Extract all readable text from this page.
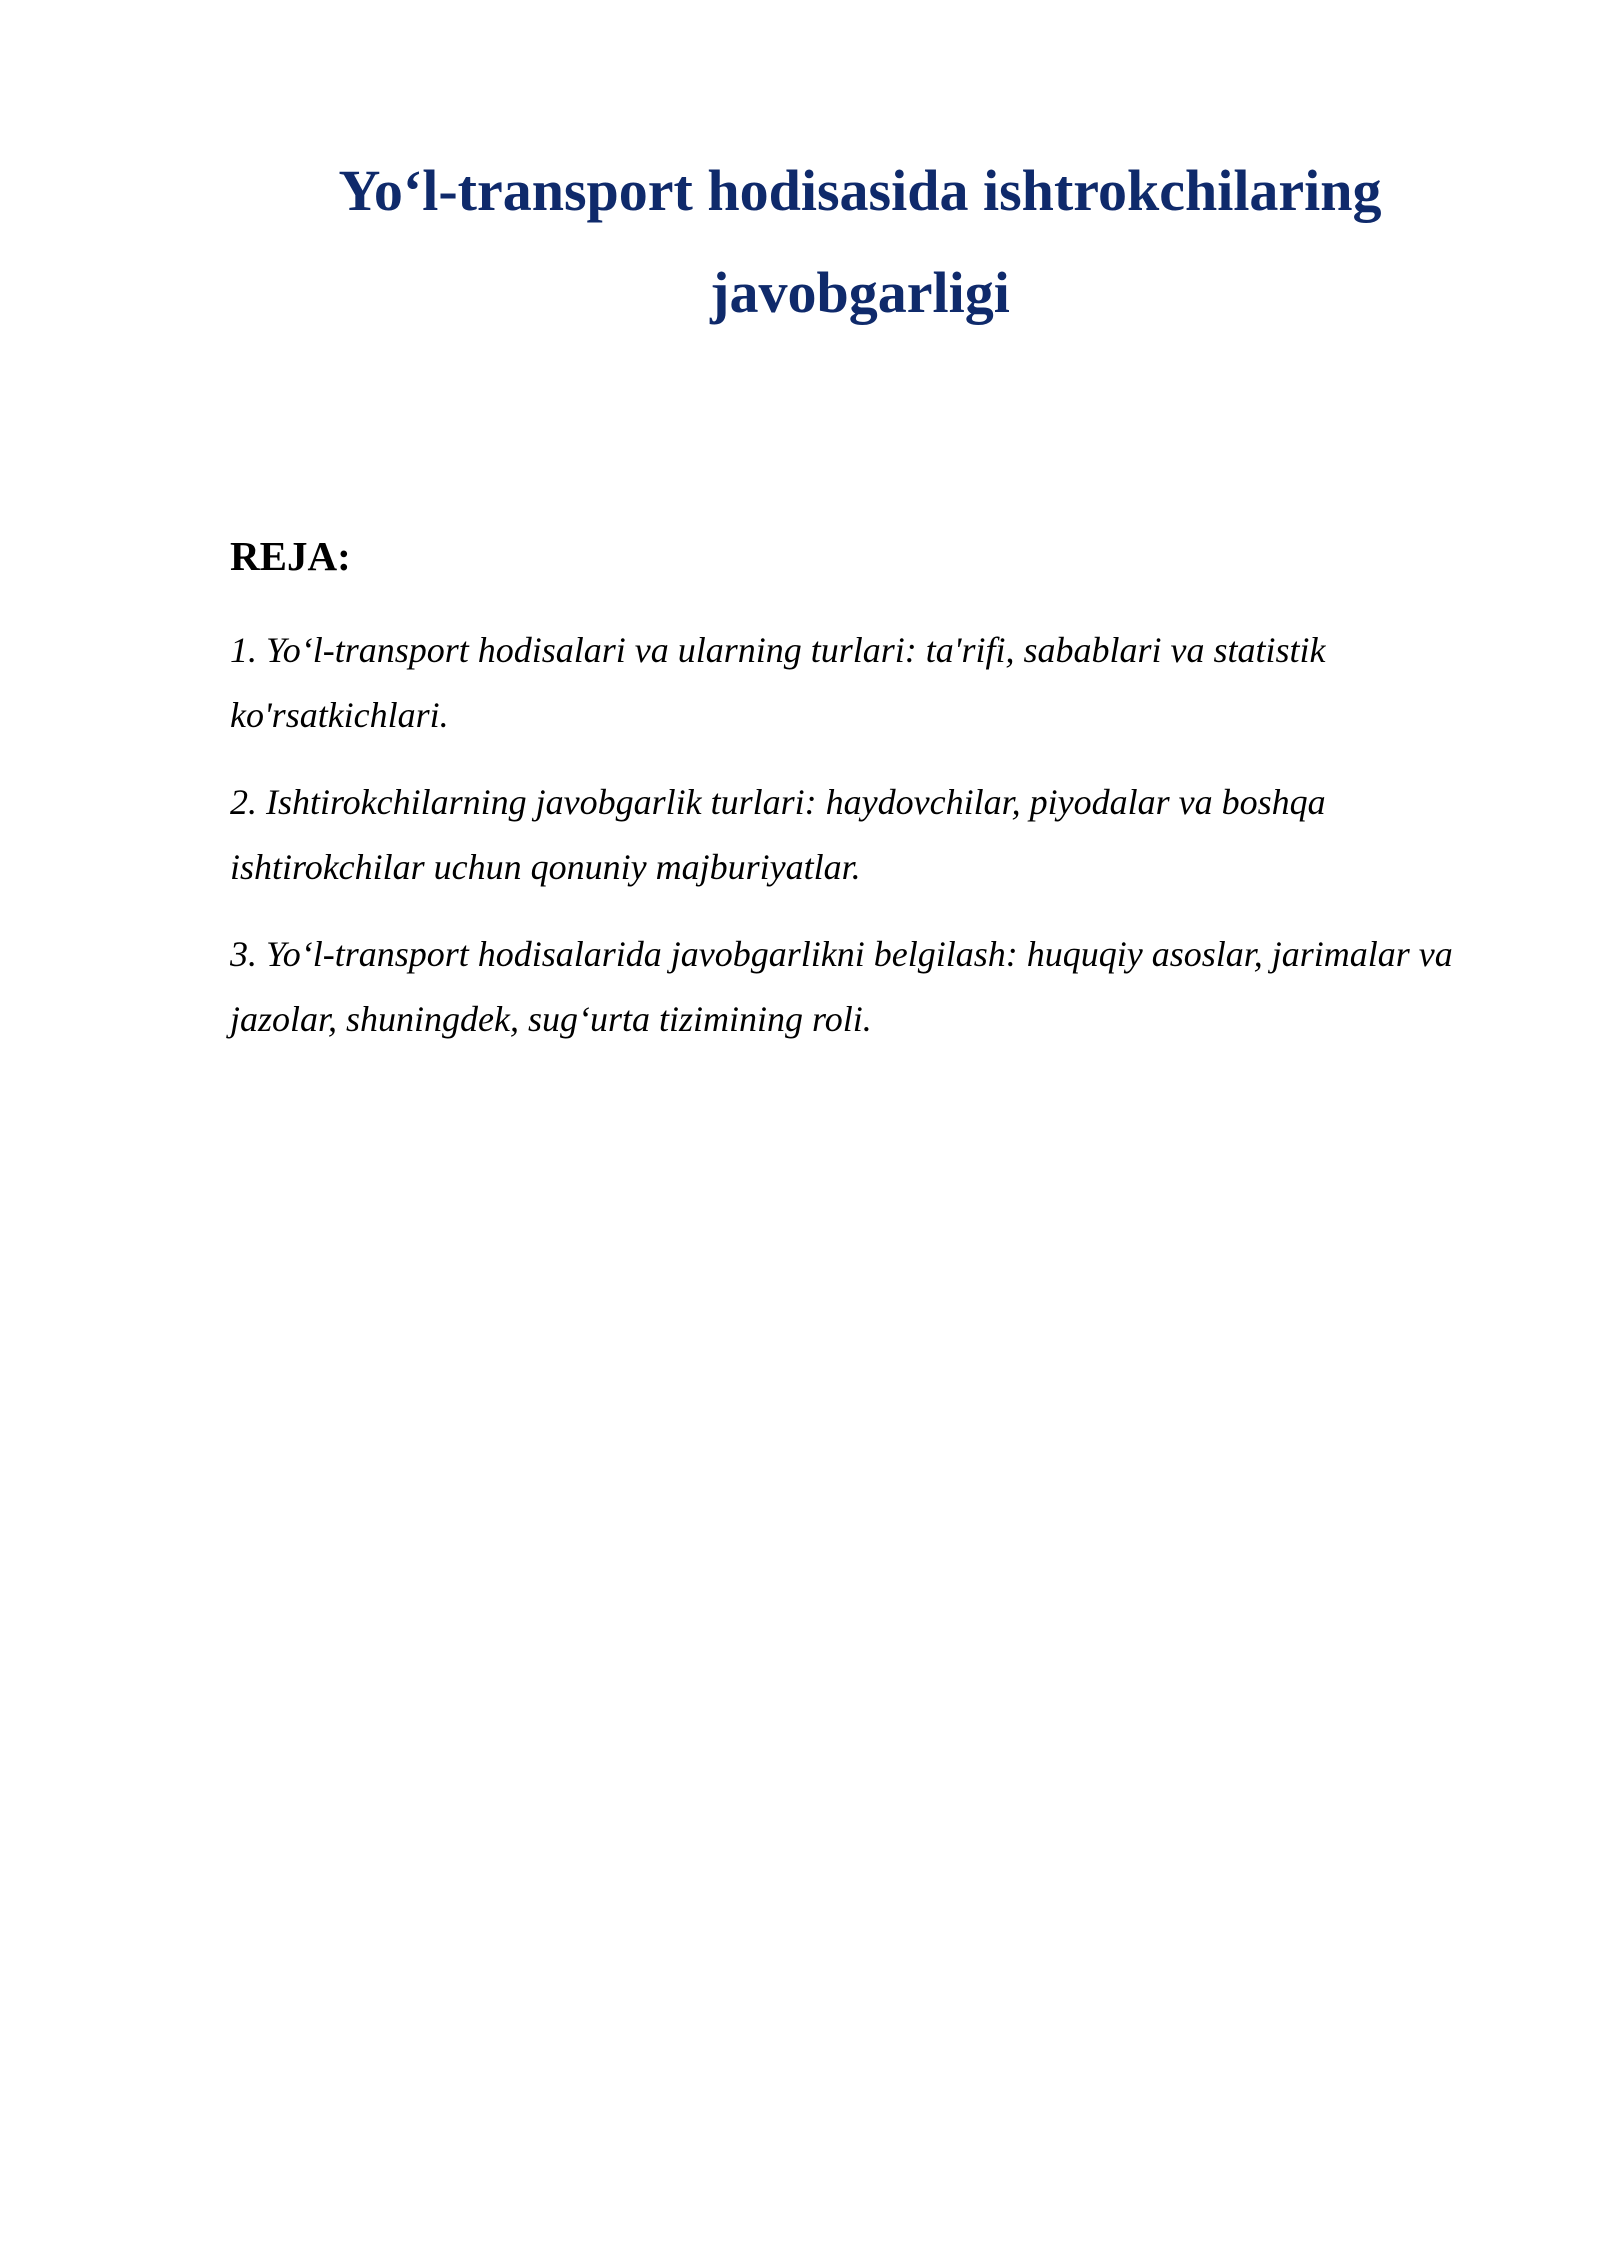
Yo‘l-transport hodisasida ishtrokchilaring javobgarligi
REJA:
1. Yo‘l-transport hodisalari va ularning turlari: ta'rifi, sabablari va statistik ko'rsatkichlari.
2. Ishtirokchilarning javobgarlik turlari: haydovchilar, piyodalar va boshqa ishtirokchilar uchun qonuniy majburiyatlar.
3. Yo‘l-transport hodisalarida javobgarlikni belgilash: huquqiy asoslar, jarimalar va jazolar, shuningdek, sug‘urta tizimining roli.
